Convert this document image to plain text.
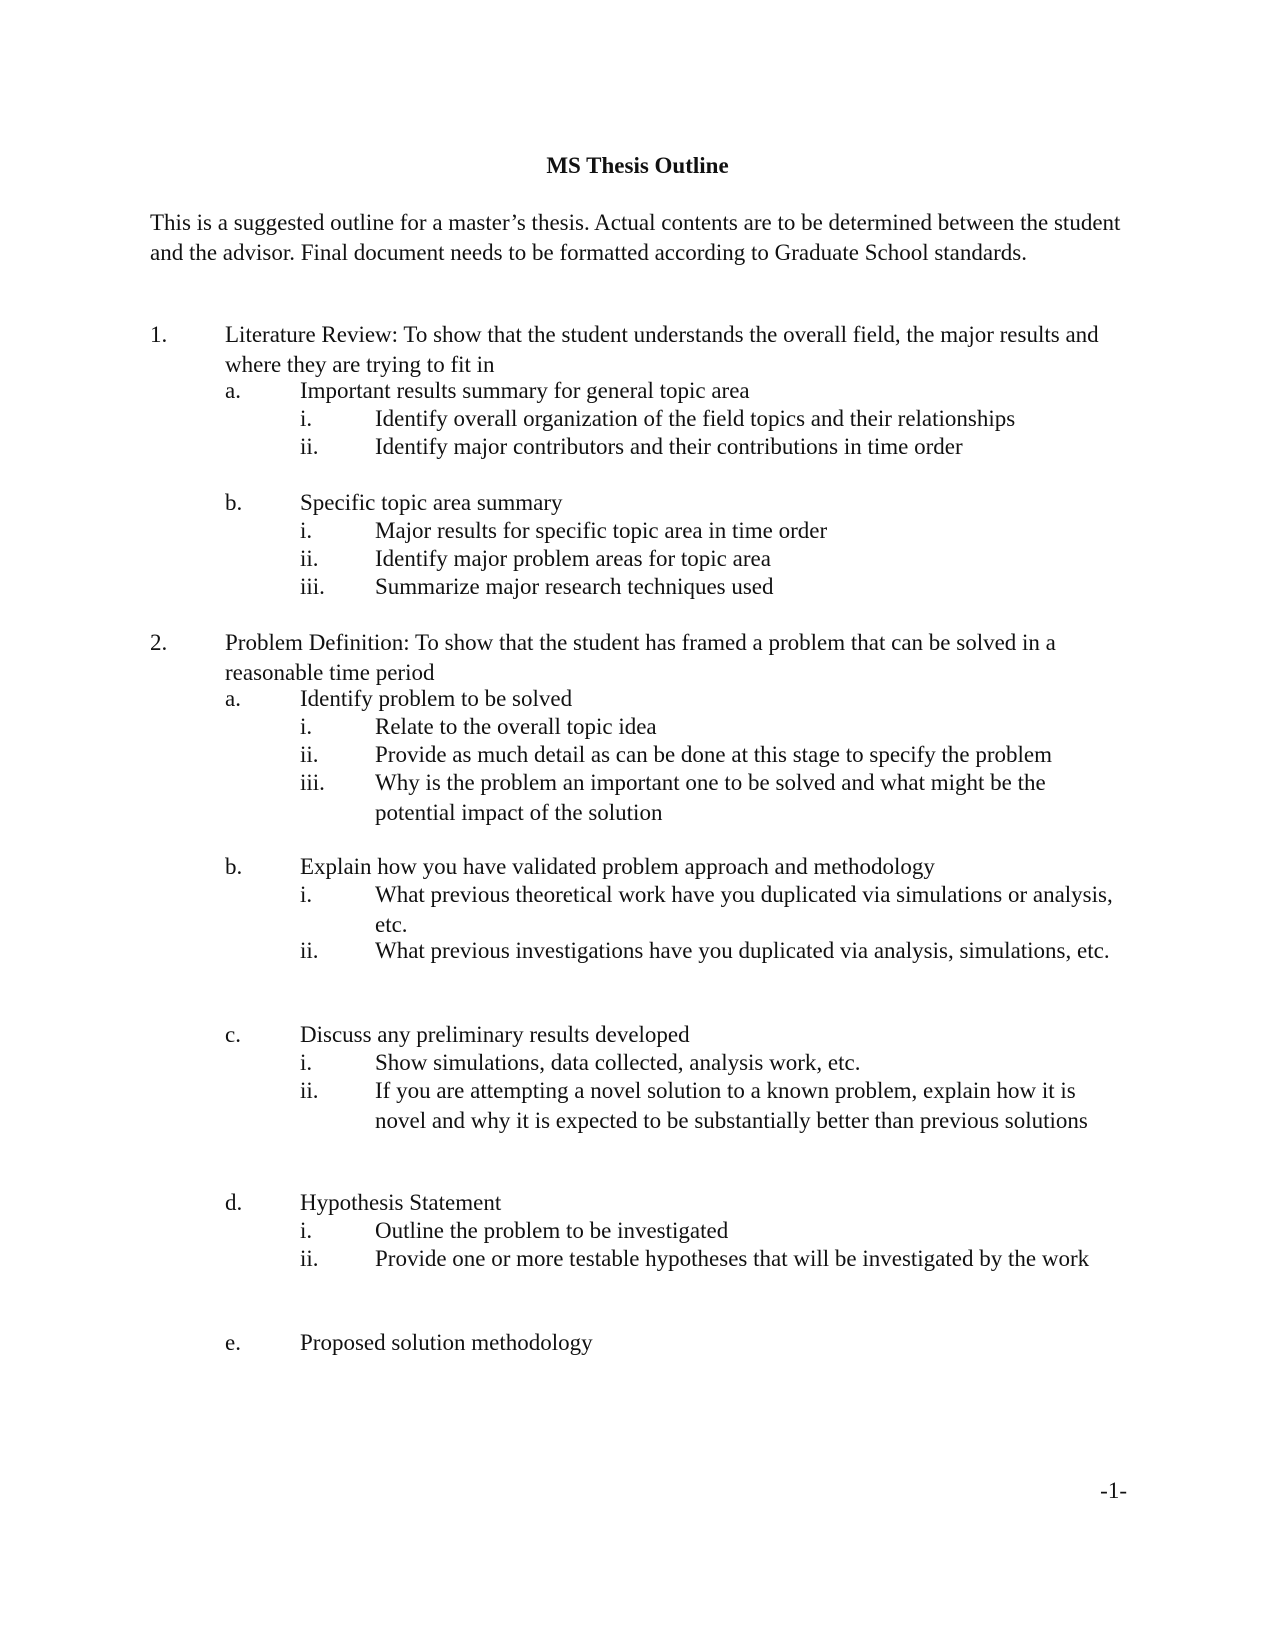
MS Thesis Outline
This is a suggested outline for a master’s thesis. Actual contents are to be determined between the student and the advisor. Final document needs to be formatted according to Graduate School standards.
1.	Literature Review: To show that the student understands the overall field, the major results and where they are trying to fit in
a.	Important results summary for general topic area
i.	Identify overall organization of the field topics and their relationships
ii. Identify major contributors and their contributions in time order
b.	Specific topic area summary
i.	Major results for specific topic area in time order
ii. Identify major problem areas for topic area
iii. Summarize major research techniques used
2.	Problem Definition: To show that the student has framed a problem that can be solved in a reasonable time period
a.	Identify problem to be solved
i.	Relate to the overall topic idea
ii. Provide as much detail as can be done at this stage to specify the problem
iii. Why is the problem an important one to be solved and what might be the potential impact of the solution
b.	Explain how you have validated problem approach and methodology
i.	What previous theoretical work have you duplicated via simulations or analysis, etc.
ii. What previous investigations have you duplicated via analysis, simulations, etc.
c.	Discuss any preliminary results developed
i.	Show simulations, data collected, analysis work, etc.
ii. If you are attempting a novel solution to a known problem, explain how it is novel and why it is expected to be substantially better than previous solutions
d.	Hypothesis Statement
i.	Outline the problem to be investigated
ii. Provide one or more testable hypotheses that will be investigated by the work
e.	Proposed solution methodology
-1-
